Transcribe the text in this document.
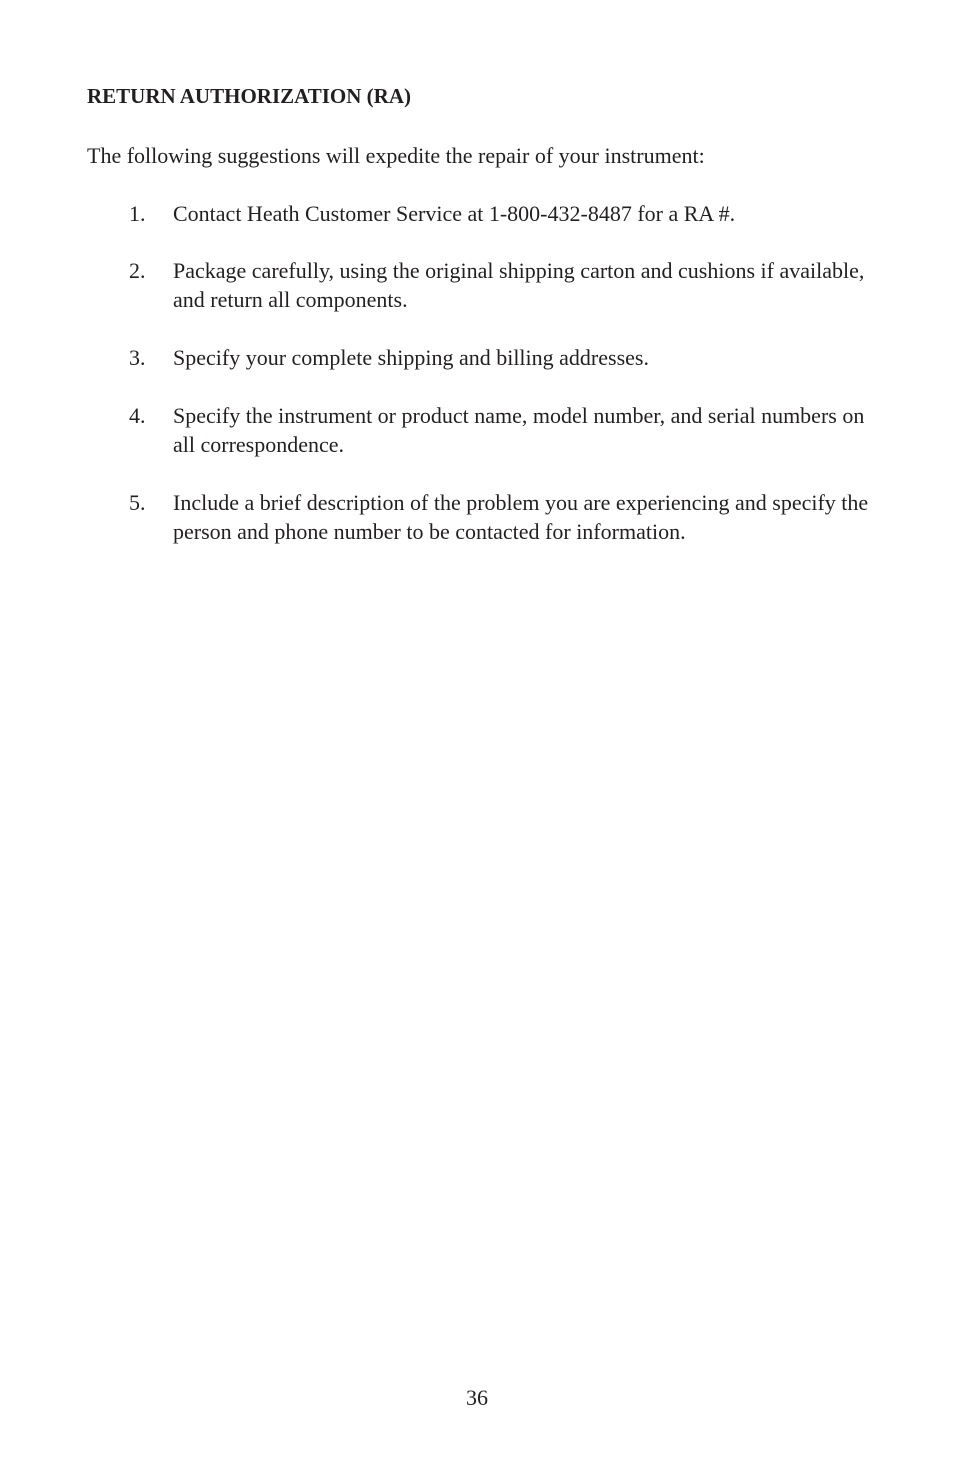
RETURN AUTHORIZATION (RA)
The following suggestions will expedite the repair of your instrument:
1. Contact Heath Customer Service at 1-800-432-8487 for a RA #.
2. Package carefully, using the original shipping carton and cushions if available, and return all components.
3. Specify your complete shipping and billing addresses.
4. Specify the instrument or product name, model number, and serial numbers on all correspondence.
5. Include a brief description of the problem you are experiencing and specify the person and phone number to be contacted for information.
36
